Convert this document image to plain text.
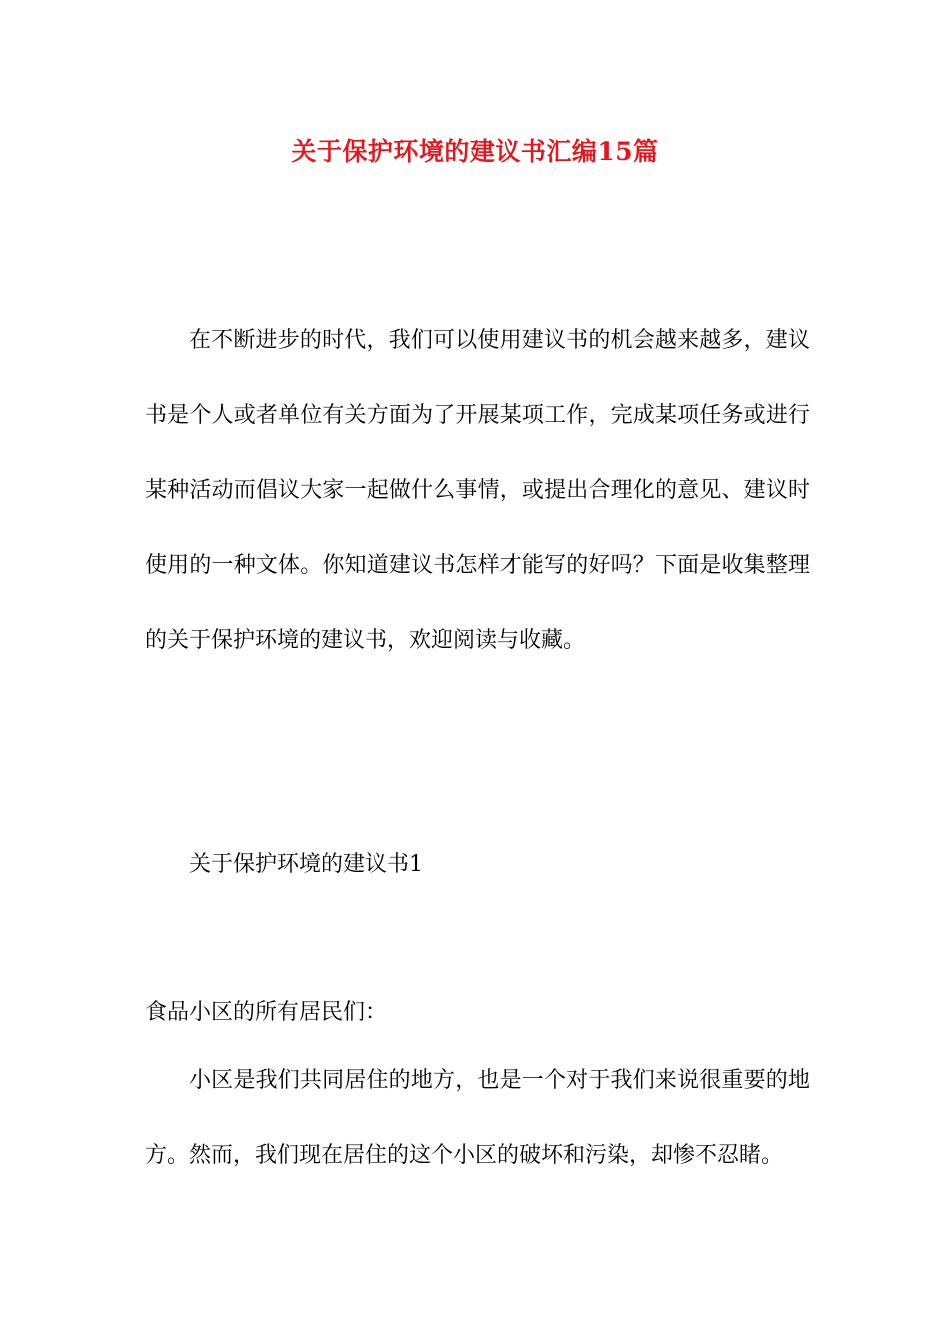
关于保护环境的建议书汇编15篇

在不断进步的时代，我们可以使用建议书的机会越来越多，建议书是个人或者单位有关方面为了开展某项工作，完成某项任务或进行某种活动而倡议大家一起做什么事情，或提出合理化的意见、建议时使用的一种文体。你知道建议书怎样才能写的好吗？下面是收集整理的关于保护环境的建议书，欢迎阅读与收藏。

关于保护环境的建议书1

食品小区的所有居民们：

小区是我们共同居住的地方，也是一个对于我们来说很重要的地方。然而，我们现在居住的这个小区的破坏和污染，却惨不忍睹。
